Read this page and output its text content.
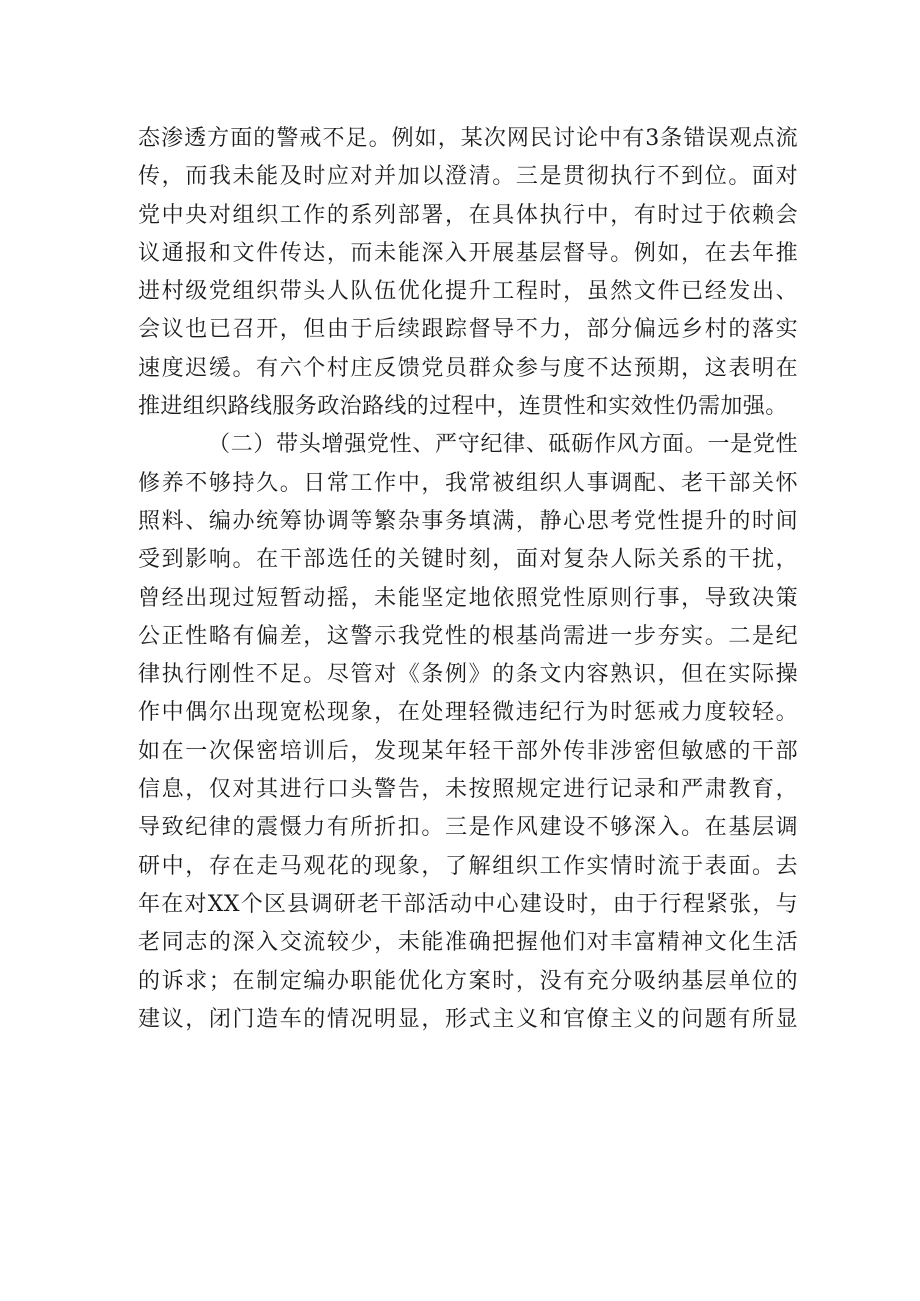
态渗透方面的警戒不足。例如，某次网民讨论中有3条错误观点流
传，而我未能及时应对并加以澄清。三是贯彻执行不到位。面对
党中央对组织工作的系列部署，在具体执行中，有时过于依赖会
议通报和文件传达，而未能深入开展基层督导。例如，在去年推
进村级党组织带头人队伍优化提升工程时，虽然文件已经发出、
会议也已召开，但由于后续跟踪督导不力，部分偏远乡村的落实
速度迟缓。有六个村庄反馈党员群众参与度不达预期，这表明在
推进组织路线服务政治路线的过程中，连贯性和实效性仍需加强。
（二）带头增强党性、严守纪律、砥砺作风方面。一是党性
修养不够持久。日常工作中，我常被组织人事调配、老干部关怀
照料、编办统筹协调等繁杂事务填满，静心思考党性提升的时间
受到影响。在干部选任的关键时刻，面对复杂人际关系的干扰，
曾经出现过短暂动摇，未能坚定地依照党性原则行事，导致决策
公正性略有偏差，这警示我党性的根基尚需进一步夯实。二是纪
律执行刚性不足。尽管对《条例》的条文内容熟识，但在实际操
作中偶尔出现宽松现象，在处理轻微违纪行为时惩戒力度较轻。
如在一次保密培训后，发现某年轻干部外传非涉密但敏感的干部
信息，仅对其进行口头警告，未按照规定进行记录和严肃教育，
导致纪律的震慑力有所折扣。三是作风建设不够深入。在基层调
研中，存在走马观花的现象，了解组织工作实情时流于表面。去
年在对XX个区县调研老干部活动中心建设时，由于行程紧张，与
老同志的深入交流较少，未能准确把握他们对丰富精神文化生活
的诉求；在制定编办职能优化方案时，没有充分吸纳基层单位的
建议，闭门造车的情况明显，形式主义和官僚主义的问题有所显
